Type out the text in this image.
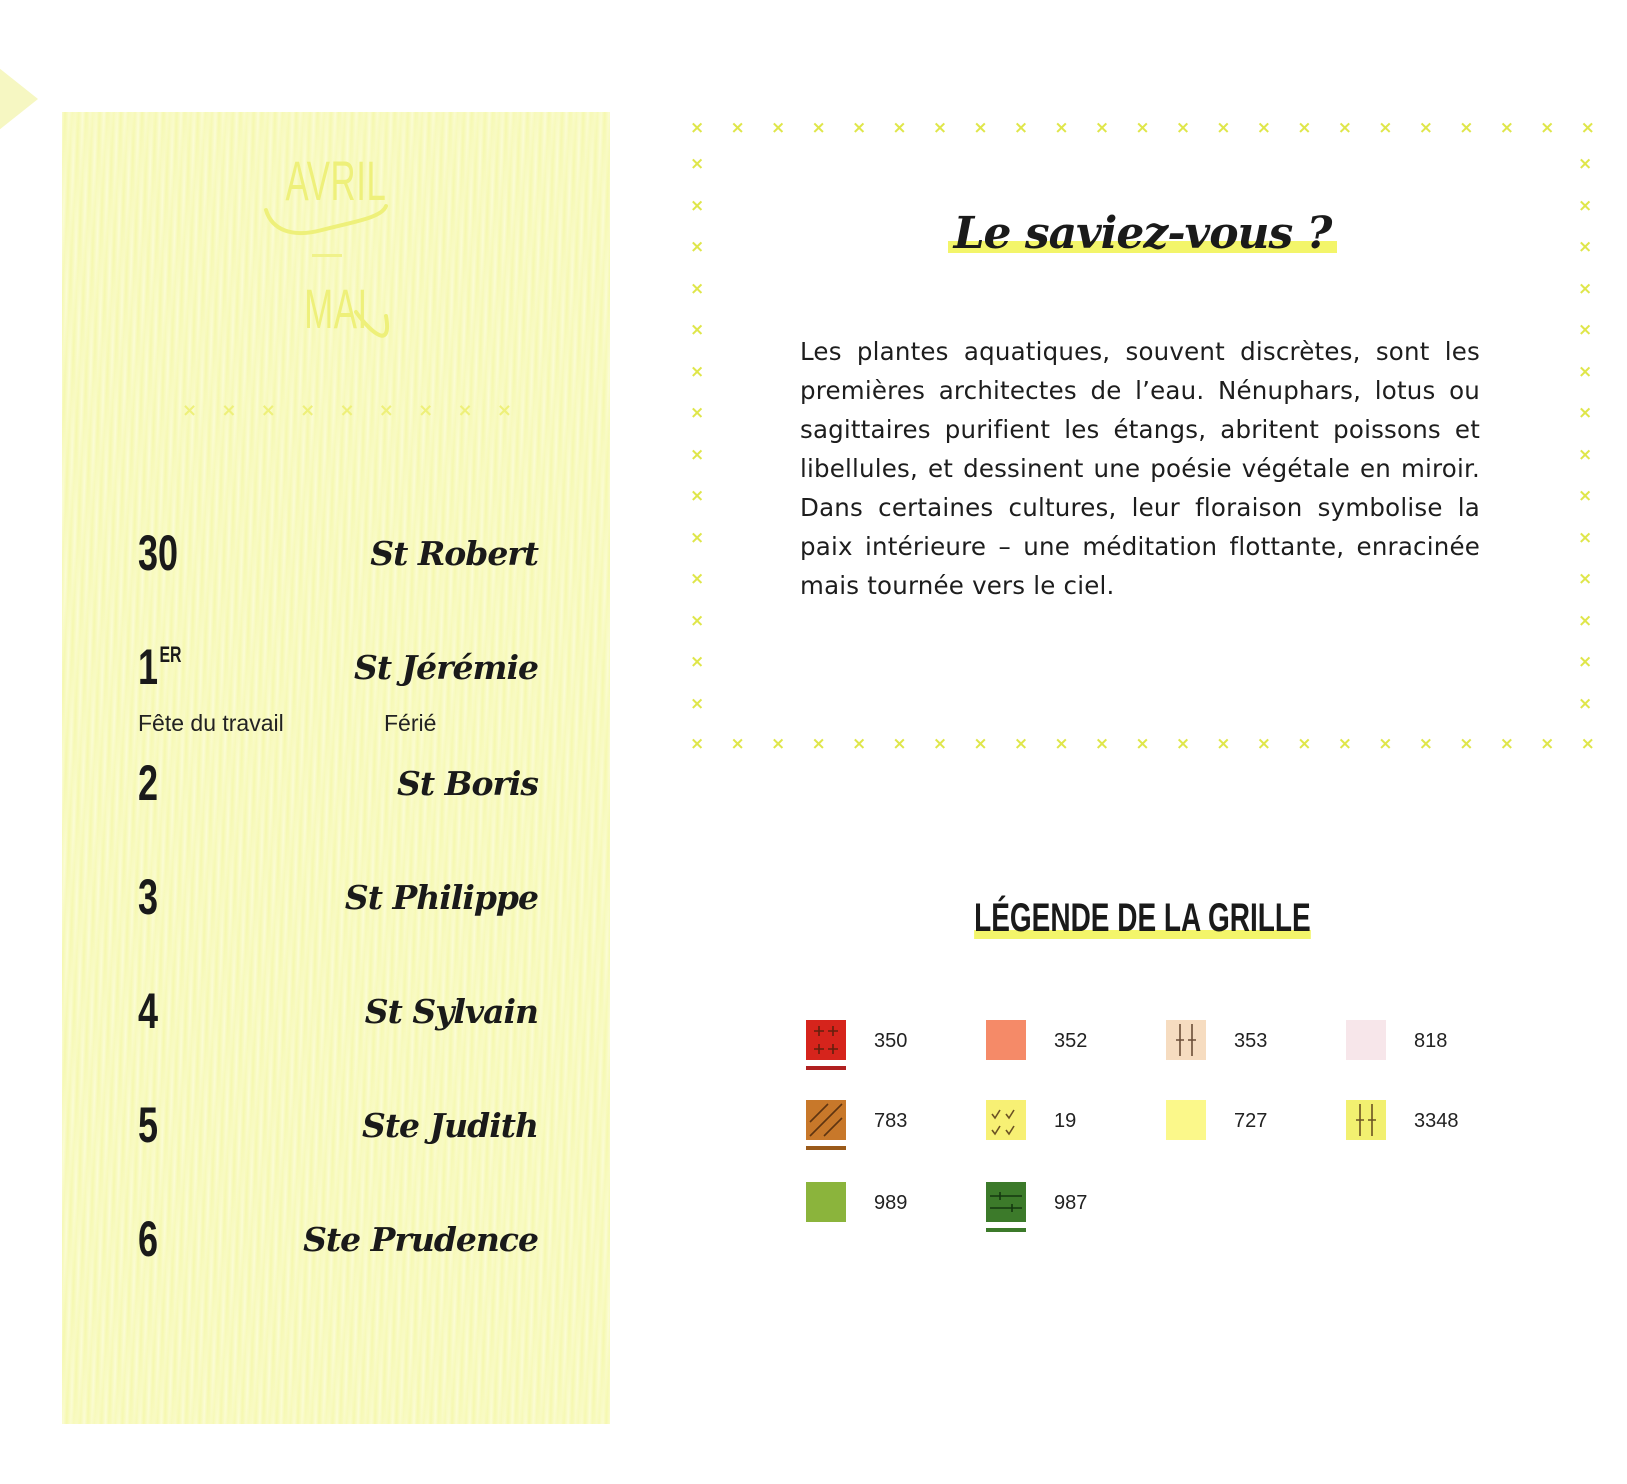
AVRIL
MAI
× × × × × × × × ×
30	St Robert
1ER	St Jérémie
Fête du travail	Férié
2	St Boris
3	St Philippe
4	St Sylvain
5	Ste Judith
6	Ste Prudence
× × × × × × × × × × × × × × × × × × × × × × ×
× × × × × × × × × × × × × × × × × × × × × × ×
×
×
×
×
×
×
×
×
×
×
×
×
×
×
×
×
×
×
×
×
×
×
×
×
×
×
×
×
Le saviez-vous ?
Les plantes aquatiques, souvent discrètes, sont les premières architectes de l’eau. Nénuphars, lotus ou sagittaires purifient les étangs, abritent poissons et libellules, et dessinent une poésie végétale en miroir. Dans certaines cultures, leur floraison symbolise la paix intérieure – une méditation flottante, enracinée mais tournée vers le ciel.
LÉGENDE DE LA GRILLE
350	352	353	818
783	19	727	3348
989	987
